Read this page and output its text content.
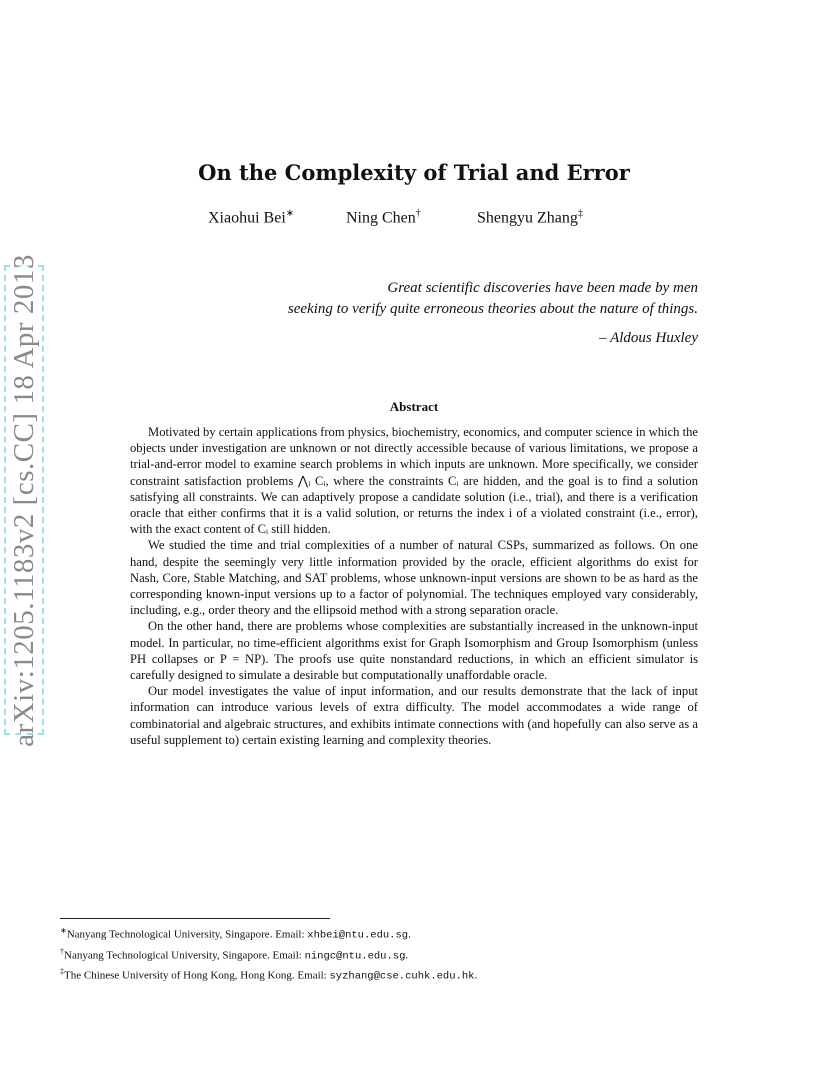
arXiv:1205.1183v2 [cs.CC] 18 Apr 2013
On the Complexity of Trial and Error
Xiaohui Bei∗	Ning Chen†	Shengyu Zhang‡

Great scientific discoveries have been made by men

seeking to verify quite erroneous theories about the nature of things.

– Aldous Huxley

Abstract

Motivated by certain applications from physics, biochemistry, economics, and computer science in which the objects under investigation are unknown or not directly accessible because of various limitations, we propose a trial-and-error model to examine search problems in which inputs are unknown. More specifically, we consider constraint satisfaction problems ⋀ᵢ Cᵢ, where the constraints Cᵢ are hidden, and the goal is to find a solution satisfying all constraints. We can adaptively propose a candidate solution (i.e., trial), and there is a verification oracle that either confirms that it is a valid solution, or returns the index i of a violated constraint (i.e., error), with the exact content of Cᵢ still hidden.

We studied the time and trial complexities of a number of natural CSPs, summarized as follows. On one hand, despite the seemingly very little information provided by the oracle, efficient algorithms do exist for Nash, Core, Stable Matching, and SAT problems, whose unknown-input versions are shown to be as hard as the corresponding known-input versions up to a factor of polynomial. The techniques employed vary considerably, including, e.g., order theory and the ellipsoid method with a strong separation oracle.

On the other hand, there are problems whose complexities are substantially increased in the unknown-input model. In particular, no time-efficient algorithms exist for Graph Isomorphism and Group Isomorphism (unless PH collapses or P = NP). The proofs use quite nonstandard reductions, in which an efficient simulator is carefully designed to simulate a desirable but computationally unaffordable oracle.

Our model investigates the value of input information, and our results demonstrate that the lack of input information can introduce various levels of extra difficulty. The model accommodates a wide range of combinatorial and algebraic structures, and exhibits intimate connections with (and hopefully can also serve as a useful supplement to) certain existing learning and complexity theories.

∗Nanyang Technological University, Singapore. Email: xhbei@ntu.edu.sg.

†Nanyang Technological University, Singapore. Email: ningc@ntu.edu.sg.

‡The Chinese University of Hong Kong, Hong Kong. Email: syzhang@cse.cuhk.edu.hk.
